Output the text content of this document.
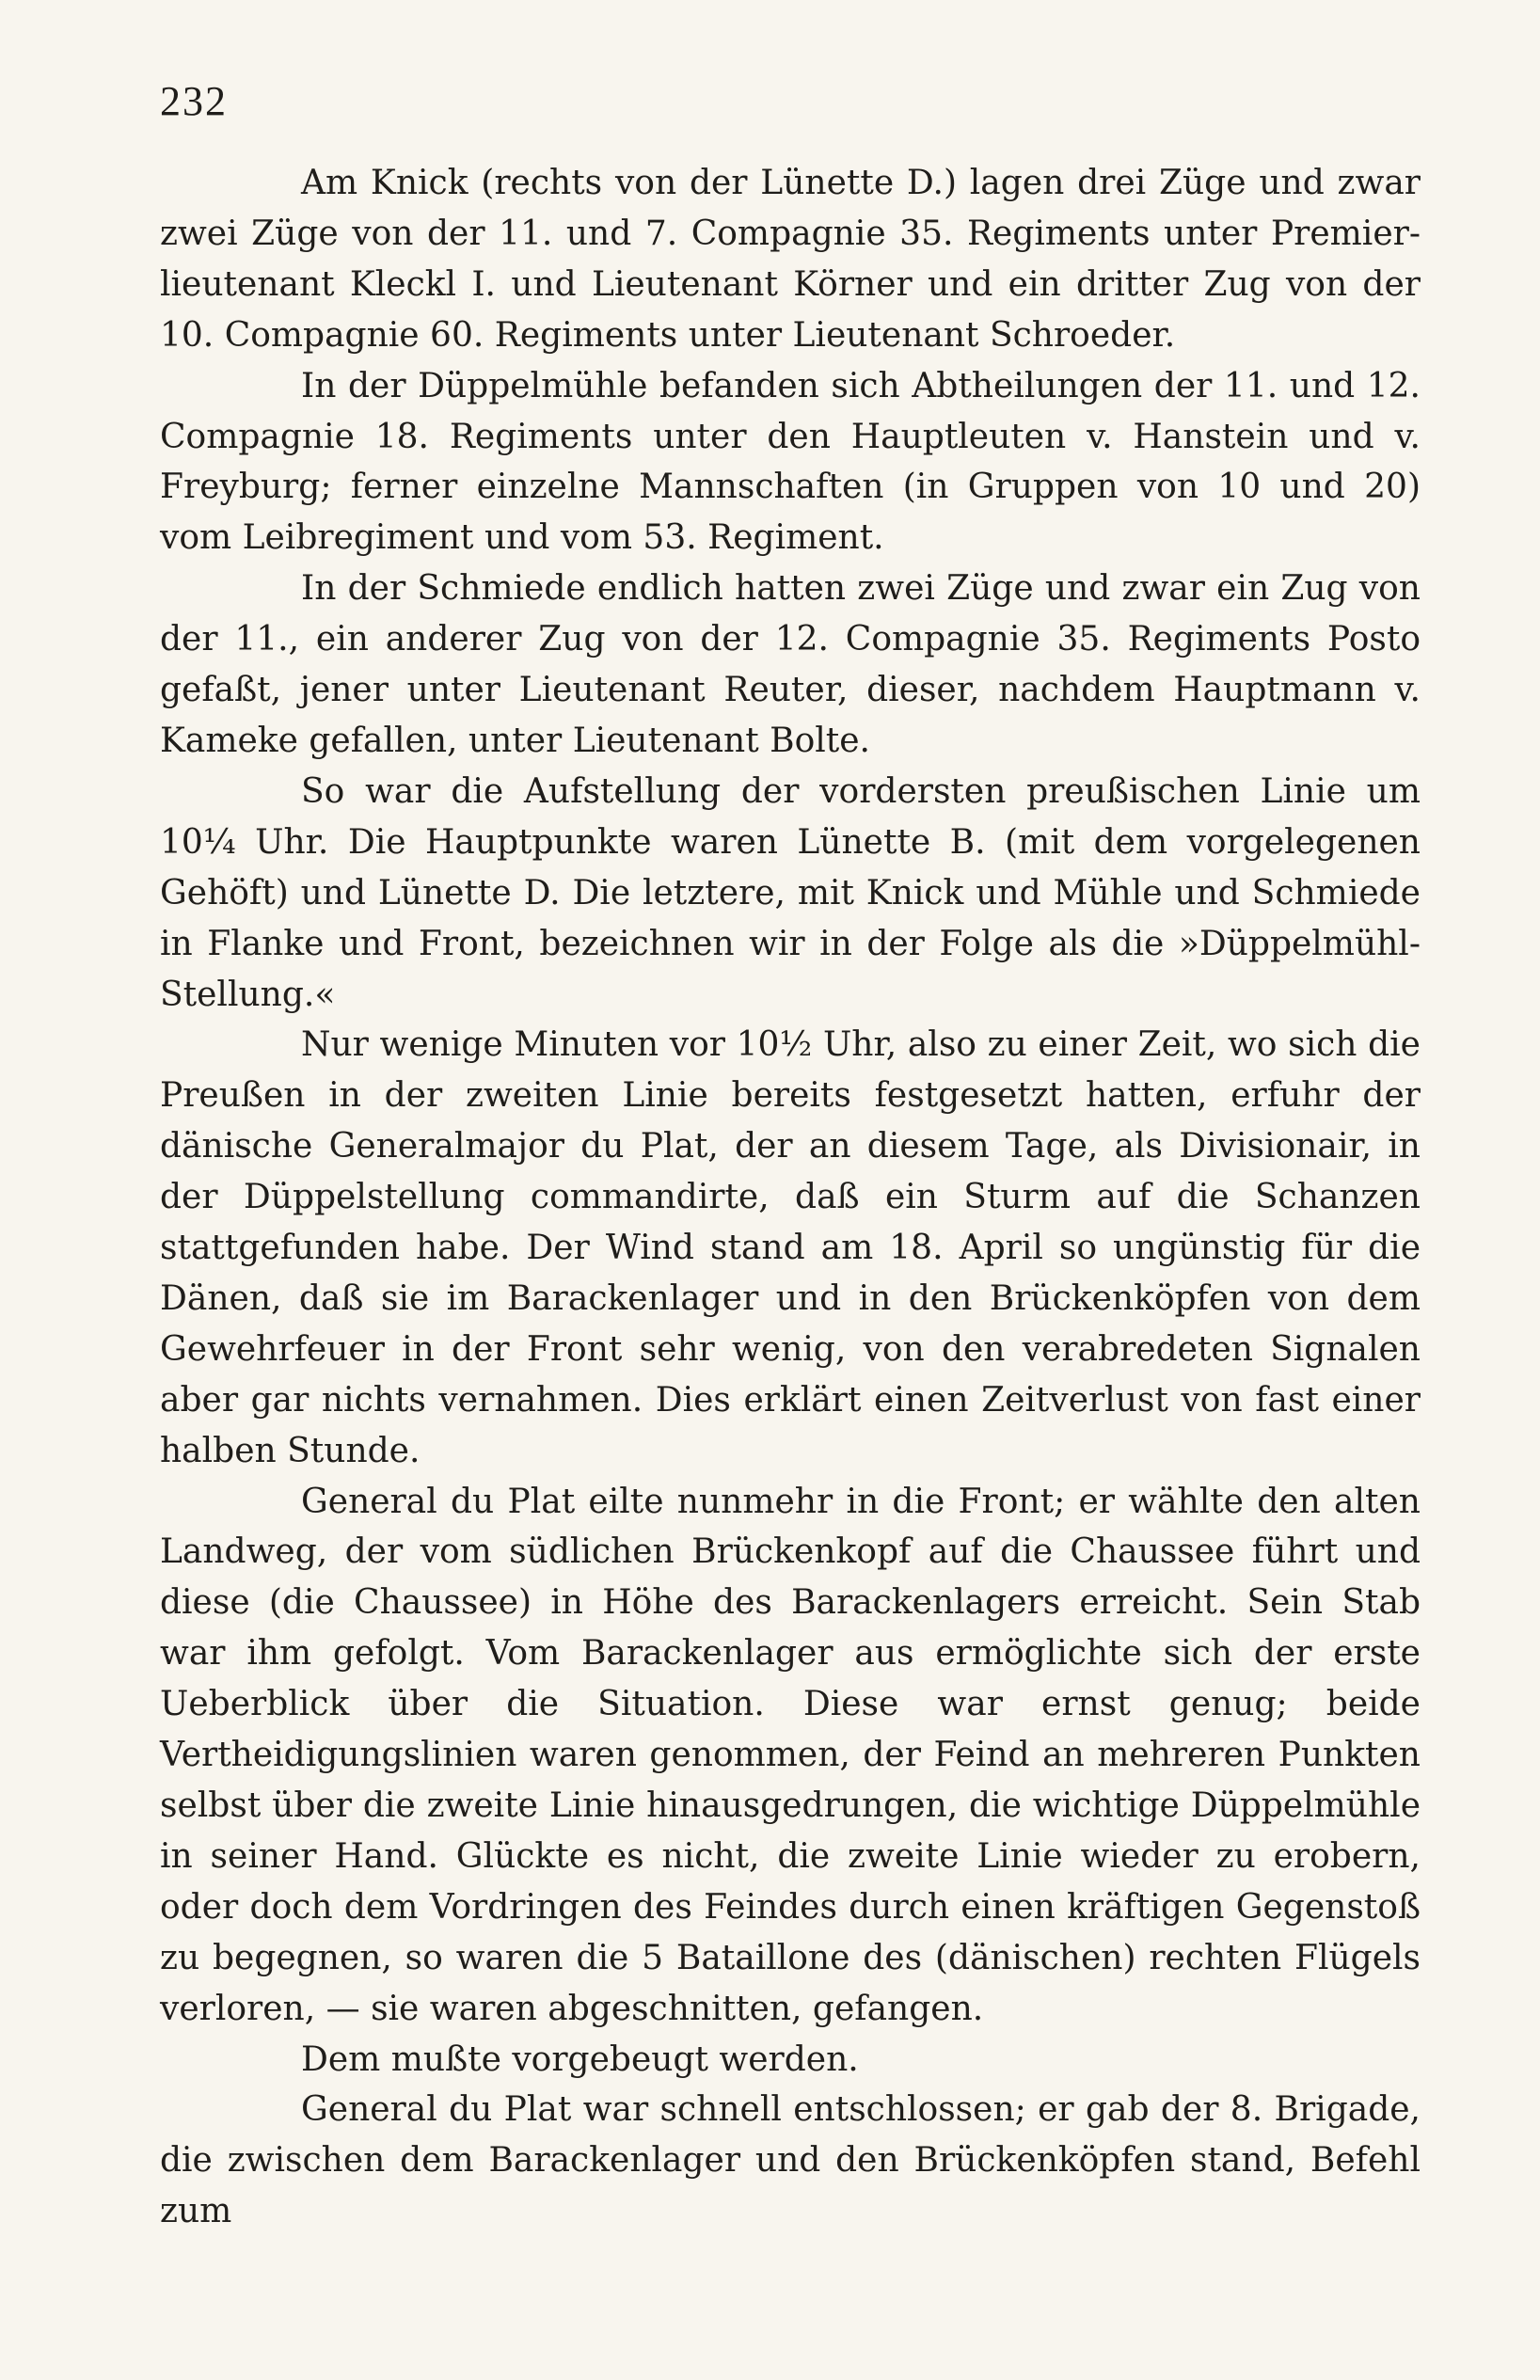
232

Am Knick (rechts von der Lünette D.) lagen drei Züge und zwar zwei Züge von der 11. und 7. Compagnie 35. Regiments unter Premier-lieutenant Kleckl I. und Lieutenant Körner und ein dritter Zug von der 10. Compagnie 60. Regiments unter Lieutenant Schroeder.

In der Düppelmühle befanden sich Abtheilungen der 11. und 12. Compagnie 18. Regiments unter den Hauptleuten v. Hanstein und v. Freyburg; ferner einzelne Mannschaften (in Gruppen von 10 und 20) vom Leibregiment und vom 53. Regiment.

In der Schmiede endlich hatten zwei Züge und zwar ein Zug von der 11., ein anderer Zug von der 12. Compagnie 35. Regiments Posto gefaßt, jener unter Lieutenant Reuter, dieser, nachdem Hauptmann v. Kameke gefallen, unter Lieutenant Bolte.

So war die Aufstellung der vordersten preußischen Linie um 10¼ Uhr. Die Hauptpunkte waren Lünette B. (mit dem vorgelegenen Gehöft) und Lünette D. Die letztere, mit Knick und Mühle und Schmiede in Flanke und Front, bezeichnen wir in der Folge als die »Düppelmühl-Stellung.«

Nur wenige Minuten vor 10½ Uhr, also zu einer Zeit, wo sich die Preußen in der zweiten Linie bereits festgesetzt hatten, erfuhr der dänische Generalmajor du Plat, der an diesem Tage, als Divisionair, in der Düppelstellung commandirte, daß ein Sturm auf die Schanzen stattgefunden habe. Der Wind stand am 18. April so ungünstig für die Dänen, daß sie im Barackenlager und in den Brückenköpfen von dem Gewehrfeuer in der Front sehr wenig, von den verabredeten Signalen aber gar nichts vernahmen. Dies erklärt einen Zeitverlust von fast einer halben Stunde.

General du Plat eilte nunmehr in die Front; er wählte den alten Landweg, der vom südlichen Brückenkopf auf die Chaussee führt und diese (die Chaussee) in Höhe des Barackenlagers erreicht. Sein Stab war ihm gefolgt. Vom Barackenlager aus ermöglichte sich der erste Ueberblick über die Situation. Diese war ernst genug; beide Vertheidigungslinien waren genommen, der Feind an mehreren Punkten selbst über die zweite Linie hinausgedrungen, die wichtige Düppelmühle in seiner Hand. Glückte es nicht, die zweite Linie wieder zu erobern, oder doch dem Vordringen des Feindes durch einen kräftigen Gegenstoß zu begegnen, so waren die 5 Bataillone des (dänischen) rechten Flügels verloren, — sie waren abgeschnitten, gefangen.

Dem mußte vorgebeugt werden.

General du Plat war schnell entschlossen; er gab der 8. Brigade, die zwischen dem Barackenlager und den Brückenköpfen stand, Befehl zum
